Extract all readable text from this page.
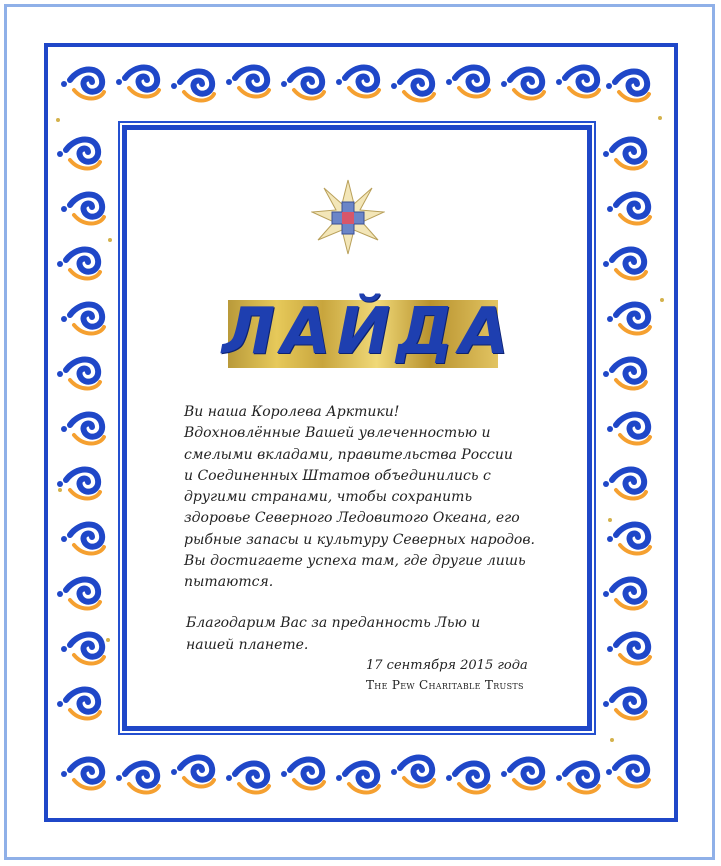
ЛАЙДА
Ви наша Королева Арктики!
Вдохновлённые Вашей увлеченностью и
смелыми вкладами, правительства России
и Соединенных Штатов объединились с
другими странами, чтобы сохранить
здоровье Северного Ледовитого Океана, его
рыбные запасы и культуру Северных народов.
Вы достигаете успеха там, где другие лишь
пытаются.
Благодарим Вас за преданность Лью и
нашей планете.
17 сентября 2015 года
The Pew Charitable Trusts
